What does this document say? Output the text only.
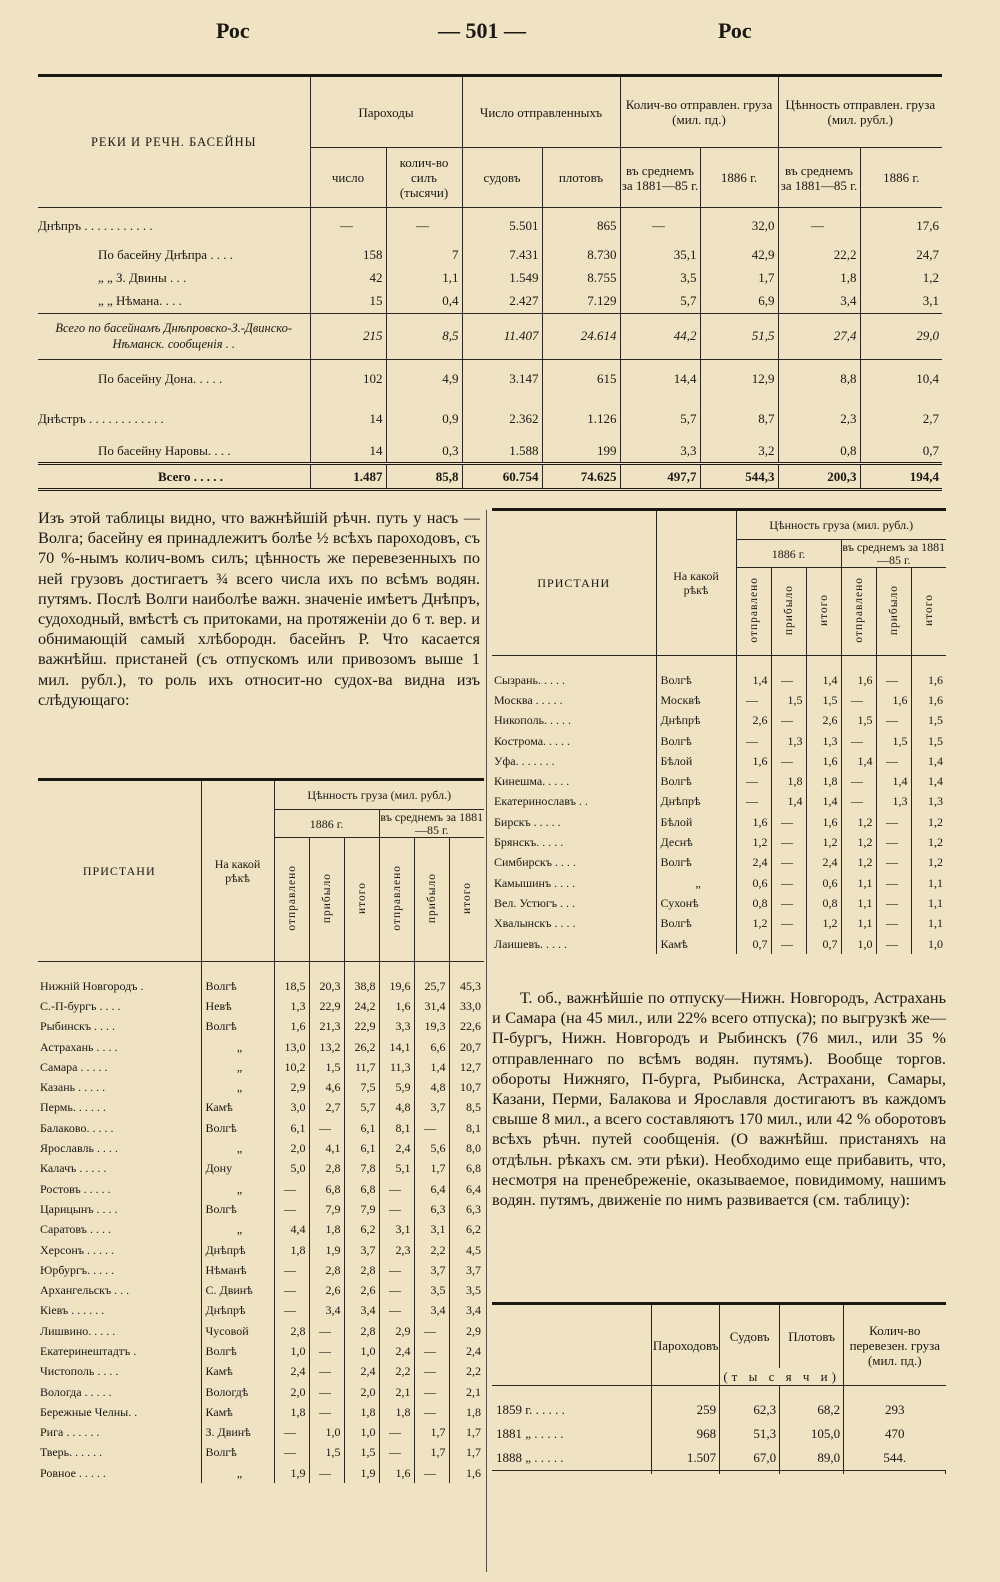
Рос	— 501 —	Рос
РЕКИ И РЕЧН. БАСЕЙНЫ	Пароходы		Число отправленныхъ		Колич-во отправлен. груза (мил. пд.)		Цѣнность отправлен. груза (мил. рубл.)	
	число	колич-во силъ (тысячи)	судовъ	плотовъ	въ среднемъ за 1881—85 г.	1886 г.	въ среднемъ за 1881—85 г.	1886 г.
Днѣпръ . . . . . . . . . . .	—	—	5.501	865	—	32,0	—	17,6
По басейну Днѣпра . . . .	158	7	7.431	8.730	35,1	42,9	22,2	24,7
„ „ З. Двины . . .	42	1,1	1.549	8.755	3,5	1,7	1,8	1,2
„ „ Нѣмана. . . .	15	0,4	2.427	7.129	5,7	6,9	3,4	3,1
Всего по басейнамъ Днѣпровско-З.-Двинско-Нѣманск. сообщенія . .	215	8,5	11.407	24.614	44,2	51,5	27,4	29,0
По басейну Дона. . . . .	102	4,9	3.147	615	14,4	12,9	8,8	10,4
Днѣстръ . . . . . . . . . . . .	14	0,9	2.362	1.126	5,7	8,7	2,3	2,7
По басейну Наровы. . . .	14	0,3	1.588	199	3,3	3,2	0,8	0,7
Всего . . . . .	1.487	85,8	60.754	74.625	497,7	544,3	200,3	194,4

Изъ этой таблицы видно, что важнѣйшій рѣчн. путь у насъ — Волга; басейну ея принадлежитъ болѣе ½ всѣхъ пароходовъ, съ 70 %-нымъ колич-вомъ силъ; цѣнность же перевезенныхъ по ней грузовъ достигаетъ ¾ всего числа ихъ по всѣмъ водян. путямъ. Послѣ Волги наиболѣе важн. значеніе имѣетъ Днѣпръ, судоходный, вмѣстѣ съ притоками, на протяженіи до 6 т. вер. и обнимающій самый хлѣбородн. басейнъ Р. Что касается важнѣйш. пристаней (съ отпускомъ или привозомъ выше 1 мил. рубл.), то роль ихъ относит-но судох-ва видна изъ слѣдующаго:

ПРИСТАНИ	На какой рѣкѣ	Цѣнность груза (мил. рубл.)					
		1886 г.			въ среднемъ за 1881—85 г.		
		отправлено	прибыло	итого	отправлено	прибыло	итого

Нижній Новгородъ .	Волгѣ	18,5	20,3	38,8	19,6	25,7	45,3
С.-П-бургъ . . . .	Невѣ	1,3	22,9	24,2	1,6	31,4	33,0
Рыбинскъ . . . .	Волгѣ	1,6	21,3	22,9	3,3	19,3	22,6
Астрахань . . . .	„	13,0	13,2	26,2	14,1	6,6	20,7
Самара . . . . .	„	10,2	1,5	11,7	11,3	1,4	12,7
Казань . . . . .	„	2,9	4,6	7,5	5,9	4,8	10,7
Пермь. . . . . .	Камѣ	3,0	2,7	5,7	4,8	3,7	8,5
Балаково. . . . .	Волгѣ	6,1	—	6,1	8,1	—	8,1
Ярославль . . . .	„	2,0	4,1	6,1	2,4	5,6	8,0
Калачъ . . . . .	Дону	5,0	2,8	7,8	5,1	1,7	6,8
Ростовъ . . . . .	„	—	6,8	6,8	—	6,4	6,4
Царицынъ . . . .	Волгѣ	—	7,9	7,9	—	6,3	6,3
Саратовъ . . . .	„	4,4	1,8	6,2	3,1	3,1	6,2
Херсонъ . . . . .	Днѣпрѣ	1,8	1,9	3,7	2,3	2,2	4,5
Юрбургъ. . . . .	Нѣманѣ	—	2,8	2,8	—	3,7	3,7
Архангельскъ . . .	С. Двинѣ	—	2,6	2,6	—	3,5	3,5
Кіевъ . . . . . .	Днѣпрѣ	—	3,4	3,4	—	3,4	3,4
Лишвино. . . . .	Чусовой	2,8	—	2,8	2,9	—	2,9
Екатеринештадтъ .	Волгѣ	1,0	—	1,0	2,4	—	2,4
Чистополь . . . .	Камѣ	2,4	—	2,4	2,2	—	2,2
Вологда . . . . .	Вологдѣ	2,0	—	2,0	2,1	—	2,1
Бережные Челны. .	Камѣ	1,8	—	1,8	1,8	—	1,8
Рига . . . . . .	З. Двинѣ	—	1,0	1,0	—	1,7	1,7
Тверь. . . . . .	Волгѣ	—	1,5	1,5	—	1,7	1,7
Ровное . . . . .	„	1,9	—	1,9	1,6	—	1,6
ПРИСТАНИ	На какой рѣкѣ	Цѣнность груза (мил. рубл.)					
		1886 г.			въ среднемъ за 1881—85 г.		
		отправлено	прибыло	итого	отправлено	прибыло	итого

Сызрань. . . . .	Волгѣ	1,4	—	1,4	1,6	—	1,6
Москва . . . . .	Москвѣ	—	1,5	1,5	—	1,6	1,6
Никополь. . . . .	Днѣпрѣ	2,6	—	2,6	1,5	—	1,5
Кострома. . . . .	Волгѣ	—	1,3	1,3	—	1,5	1,5
Уфа. . . . . . .	Бѣлой	1,6	—	1,6	1,4	—	1,4
Кинешма. . . . .	Волгѣ	—	1,8	1,8	—	1,4	1,4
Екатеринославъ . .	Днѣпрѣ	—	1,4	1,4	—	1,3	1,3
Бирскъ . . . . .	Бѣлой	1,6	—	1,6	1,2	—	1,2
Брянскъ. . . . .	Деснѣ	1,2	—	1,2	1,2	—	1,2
Симбирскъ . . . .	Волгѣ	2,4	—	2,4	1,2	—	1,2
Камышинъ . . . .	„	0,6	—	0,6	1,1	—	1,1
Вел. Устюгъ . . .	Сухонѣ	0,8	—	0,8	1,1	—	1,1
Хвалынскъ . . . .	Волгѣ	1,2	—	1,2	1,1	—	1,1
Лаишевъ. . . . .	Камѣ	0,7	—	0,7	1,0	—	1,0

Т. об., важнѣйшіе по отпуску—Нижн. Новгородъ, Астрахань и Самара (на 45 мил., или 22% всего отпуска); по выгрузкѣ же—П-бургъ, Нижн. Новгородъ и Рыбинскъ (76 мил., или 35 % отправленнаго по всѣмъ водян. путямъ). Вообще торгов. обороты Нижняго, П-бурга, Рыбинска, Астрахани, Самары, Казани, Перми, Балакова и Ярославля достигаютъ въ каждомъ свыше 8 мил., а всего составляютъ 170 мил., или 42 % оборотовъ всѣхъ рѣчн. путей сообщенія. (О важнѣйш. пристаняхъ на отдѣльн. рѣкахъ см. эти рѣки). Необходимо еще прибавить, что, несмотря на пренебреженіе, оказываемое, повидимому, нашимъ водян. путямъ, движеніе по нимъ развивается (см. таблицу):

	Пароходовъ	Судовъ	Плотовъ	Колич-во перевезен. груза (мил. пд.)
		(т ы с я ч и)		

1859 г. . . . . .	259	62,3	68,2	293
1881 „ . . . . .	968	51,3	105,0	470
1888 „ . . . . .	1.507	67,0	89,0	544.
